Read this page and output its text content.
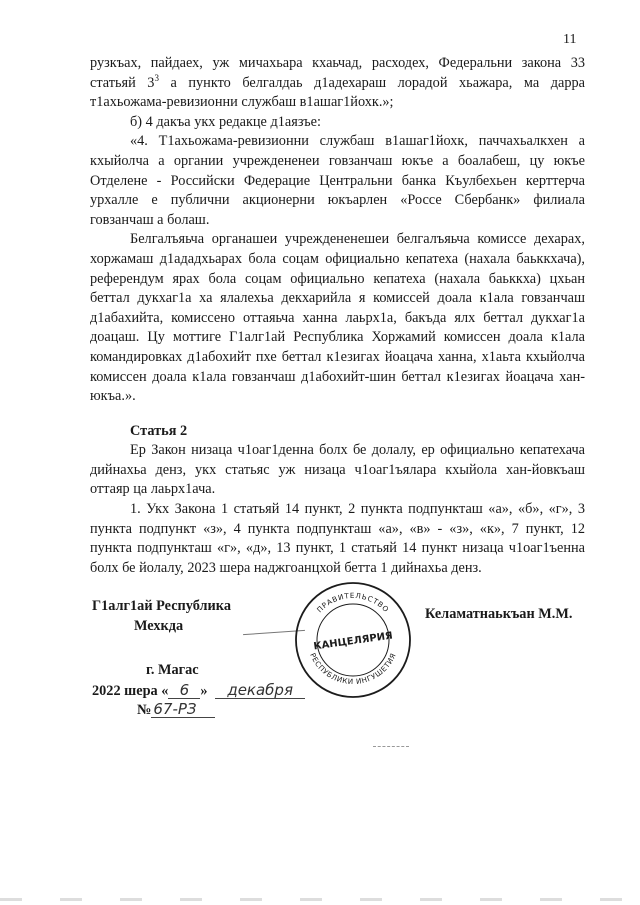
11

рузкъах, пайдаех, уж мичахьара кхаьчад, расходех, Федеральни закона 33 статьяй $3^3$ а пункто белгалдаь д1адехараш лорадой хьажара, ма дарра т1ахьожама-ревизионни службаш в1ашаг1йохк.»;

б) 4 дакъа укх редакце д1аязъе:

«4. Т1ахьожама-ревизионни службаш в1ашаг1йохк, паччахьалкхен а кхыйолча а органии учреждененеи говзанчаш юкъе а боалабеш, цу юкъе Отделене - Российски Федерацие Центральни банка Къулбехьен керттерча урхалле е публични акционерни юкъарлен «Россе Сбербанк» филиала говзанчаш а болаш.

Белгалъяьча органашеи учреждененешеи белгалъяьча комиссе дехарах, хоржамаш д1ададхьарах бола соцам официально кепатеха (нахала баьккхача), референдум ярах бола соцам официально кепатеха (нахала баьккха) цхьан беттал дукхаг1а ха ялалехьа декхарийла я комиссей доала к1ала говзанчаш д1абахийта, комиссено оттаяьча ханна лаьрх1а, бакъда ялх беттал дукхаг1а доацаш. Цу моттиге Г1алг1ай Республика Хоржамий комиссен доала к1ала командировках д1абохийт пхе беттал к1езигах йоацача ханна, х1аьта кхыйолча комиссен доала к1ала говзанчаш д1абохийт-шин беттал к1езигах йоацача хан-юкъа.».

Статья 2

Ер Закон низаца ч1оаг1денна болх бе долалу, ер официально кепатехача дийнахьа денз, укх статьяс уж низаца ч1оаг1ъялара кхыйола хан-йовкъаш оттаяр ца лаьрх1ача.

1. Укх Закона 1 статьяй 14 пункт, 2 пункта подпункташ «а», «б», «г», 3 пункта подпункт «з», 4 пункта подпункташ «а», «в» - «з», «к», 7 пункт, 12 пункта подпункташ «г», «д», 13 пункт, 1 статьяй 14 пункт низаца ч1оаг1ъенна болх бе йолалу, 2023 шера наджгоанцхой бетта 1 дийнахьа денз.

Г1алг1ай Республика
Мехкда
ПРАВИТЕЛЬСТВО
РЕСПУБЛИКИ ИНГУШЕТИЯ
КАНЦЕЛЯРИЯ
Келаматнаькъан М.М.
г. Магас
2022 шера « 6 » декабря
№ 67-РЗ
